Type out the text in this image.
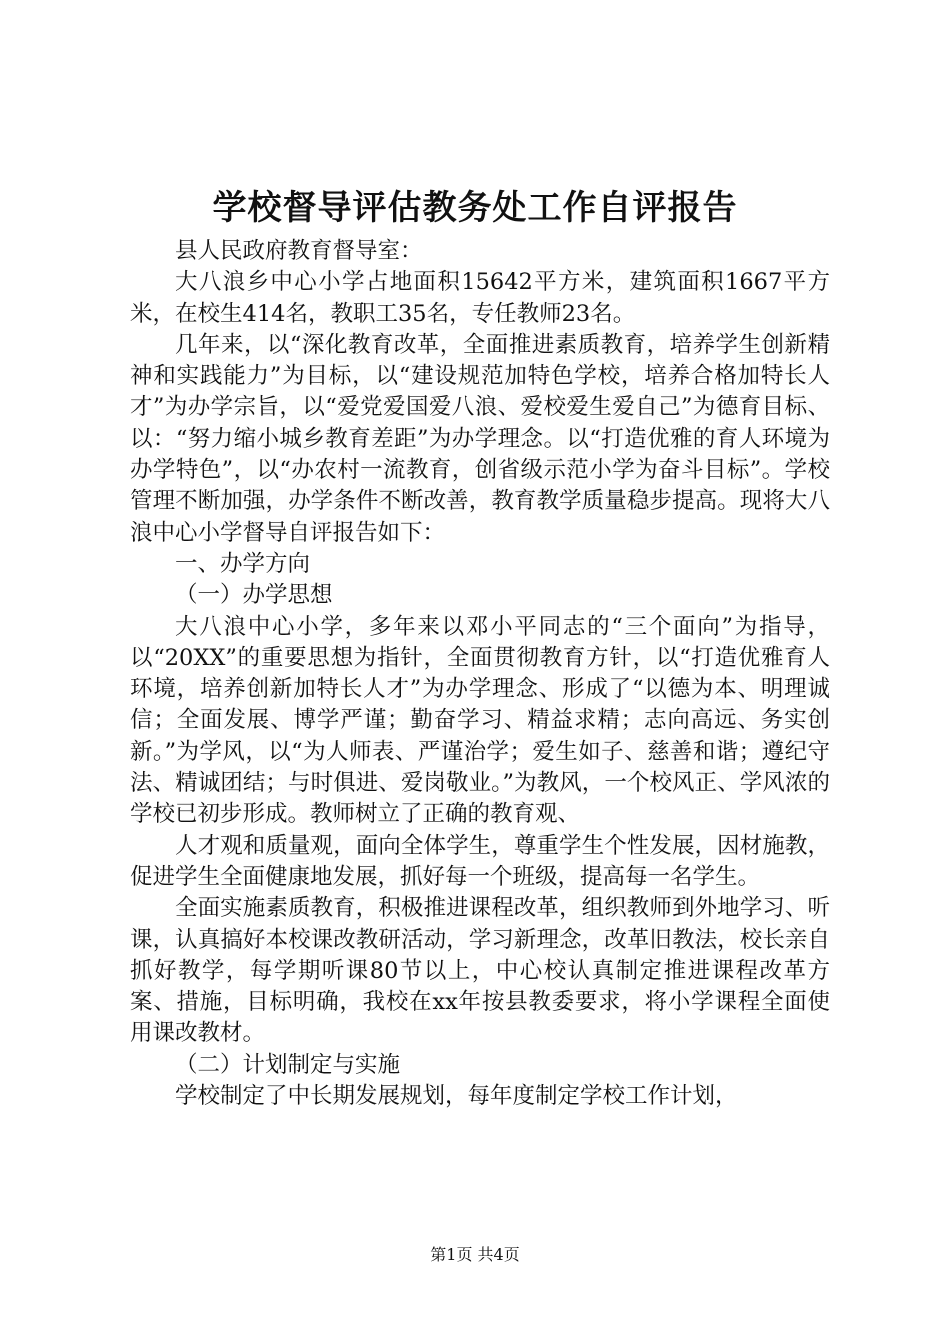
学校督导评估教务处工作自评报告

县人民政府教育督导室：

大八浪乡中心小学占地面积15642平方米，建筑面积1667平方米，在校生414名，教职工35名，专任教师23名。

几年来，以“深化教育改革，全面推进素质教育，培养学生创新精神和实践能力”为目标，以“建设规范加特色学校，培养合格加特长人才”为办学宗旨，以“爱党爱国爱八浪、爱校爱生爱自己”为德育目标、以：“努力缩小城乡教育差距”为办学理念。以“打造优雅的育人环境为办学特色”，以“办农村一流教育，创省级示范小学为奋斗目标”。学校管理不断加强，办学条件不断改善，教育教学质量稳步提高。现将大八浪中心小学督导自评报告如下：

一、办学方向

（一）办学思想

大八浪中心小学，多年来以邓小平同志的“三个面向”为指导，以“20XX”的重要思想为指针，全面贯彻教育方针，以“打造优雅育人环境，培养创新加特长人才”为办学理念、形成了“以德为本、明理诚信；全面发展、博学严谨；勤奋学习、精益求精；志向高远、务实创新。”为学风，以“为人师表、严谨治学；爱生如子、慈善和谐；遵纪守法、精诚团结；与时俱进、爱岗敬业。”为教风，一个校风正、学风浓的学校已初步形成。教师树立了正确的教育观、

人才观和质量观，面向全体学生，尊重学生个性发展，因材施教，促进学生全面健康地发展，抓好每一个班级，提高每一名学生。

全面实施素质教育，积极推进课程改革，组织教师到外地学习、听课，认真搞好本校课改教研活动，学习新理念，改革旧教法，校长亲自抓好教学，每学期听课80节以上，中心校认真制定推进课程改革方案、措施，目标明确，我校在xx年按县教委要求，将小学课程全面使用课改教材。

（二）计划制定与实施

学校制定了中长期发展规划，每年度制定学校工作计划，

第1页 共4页
